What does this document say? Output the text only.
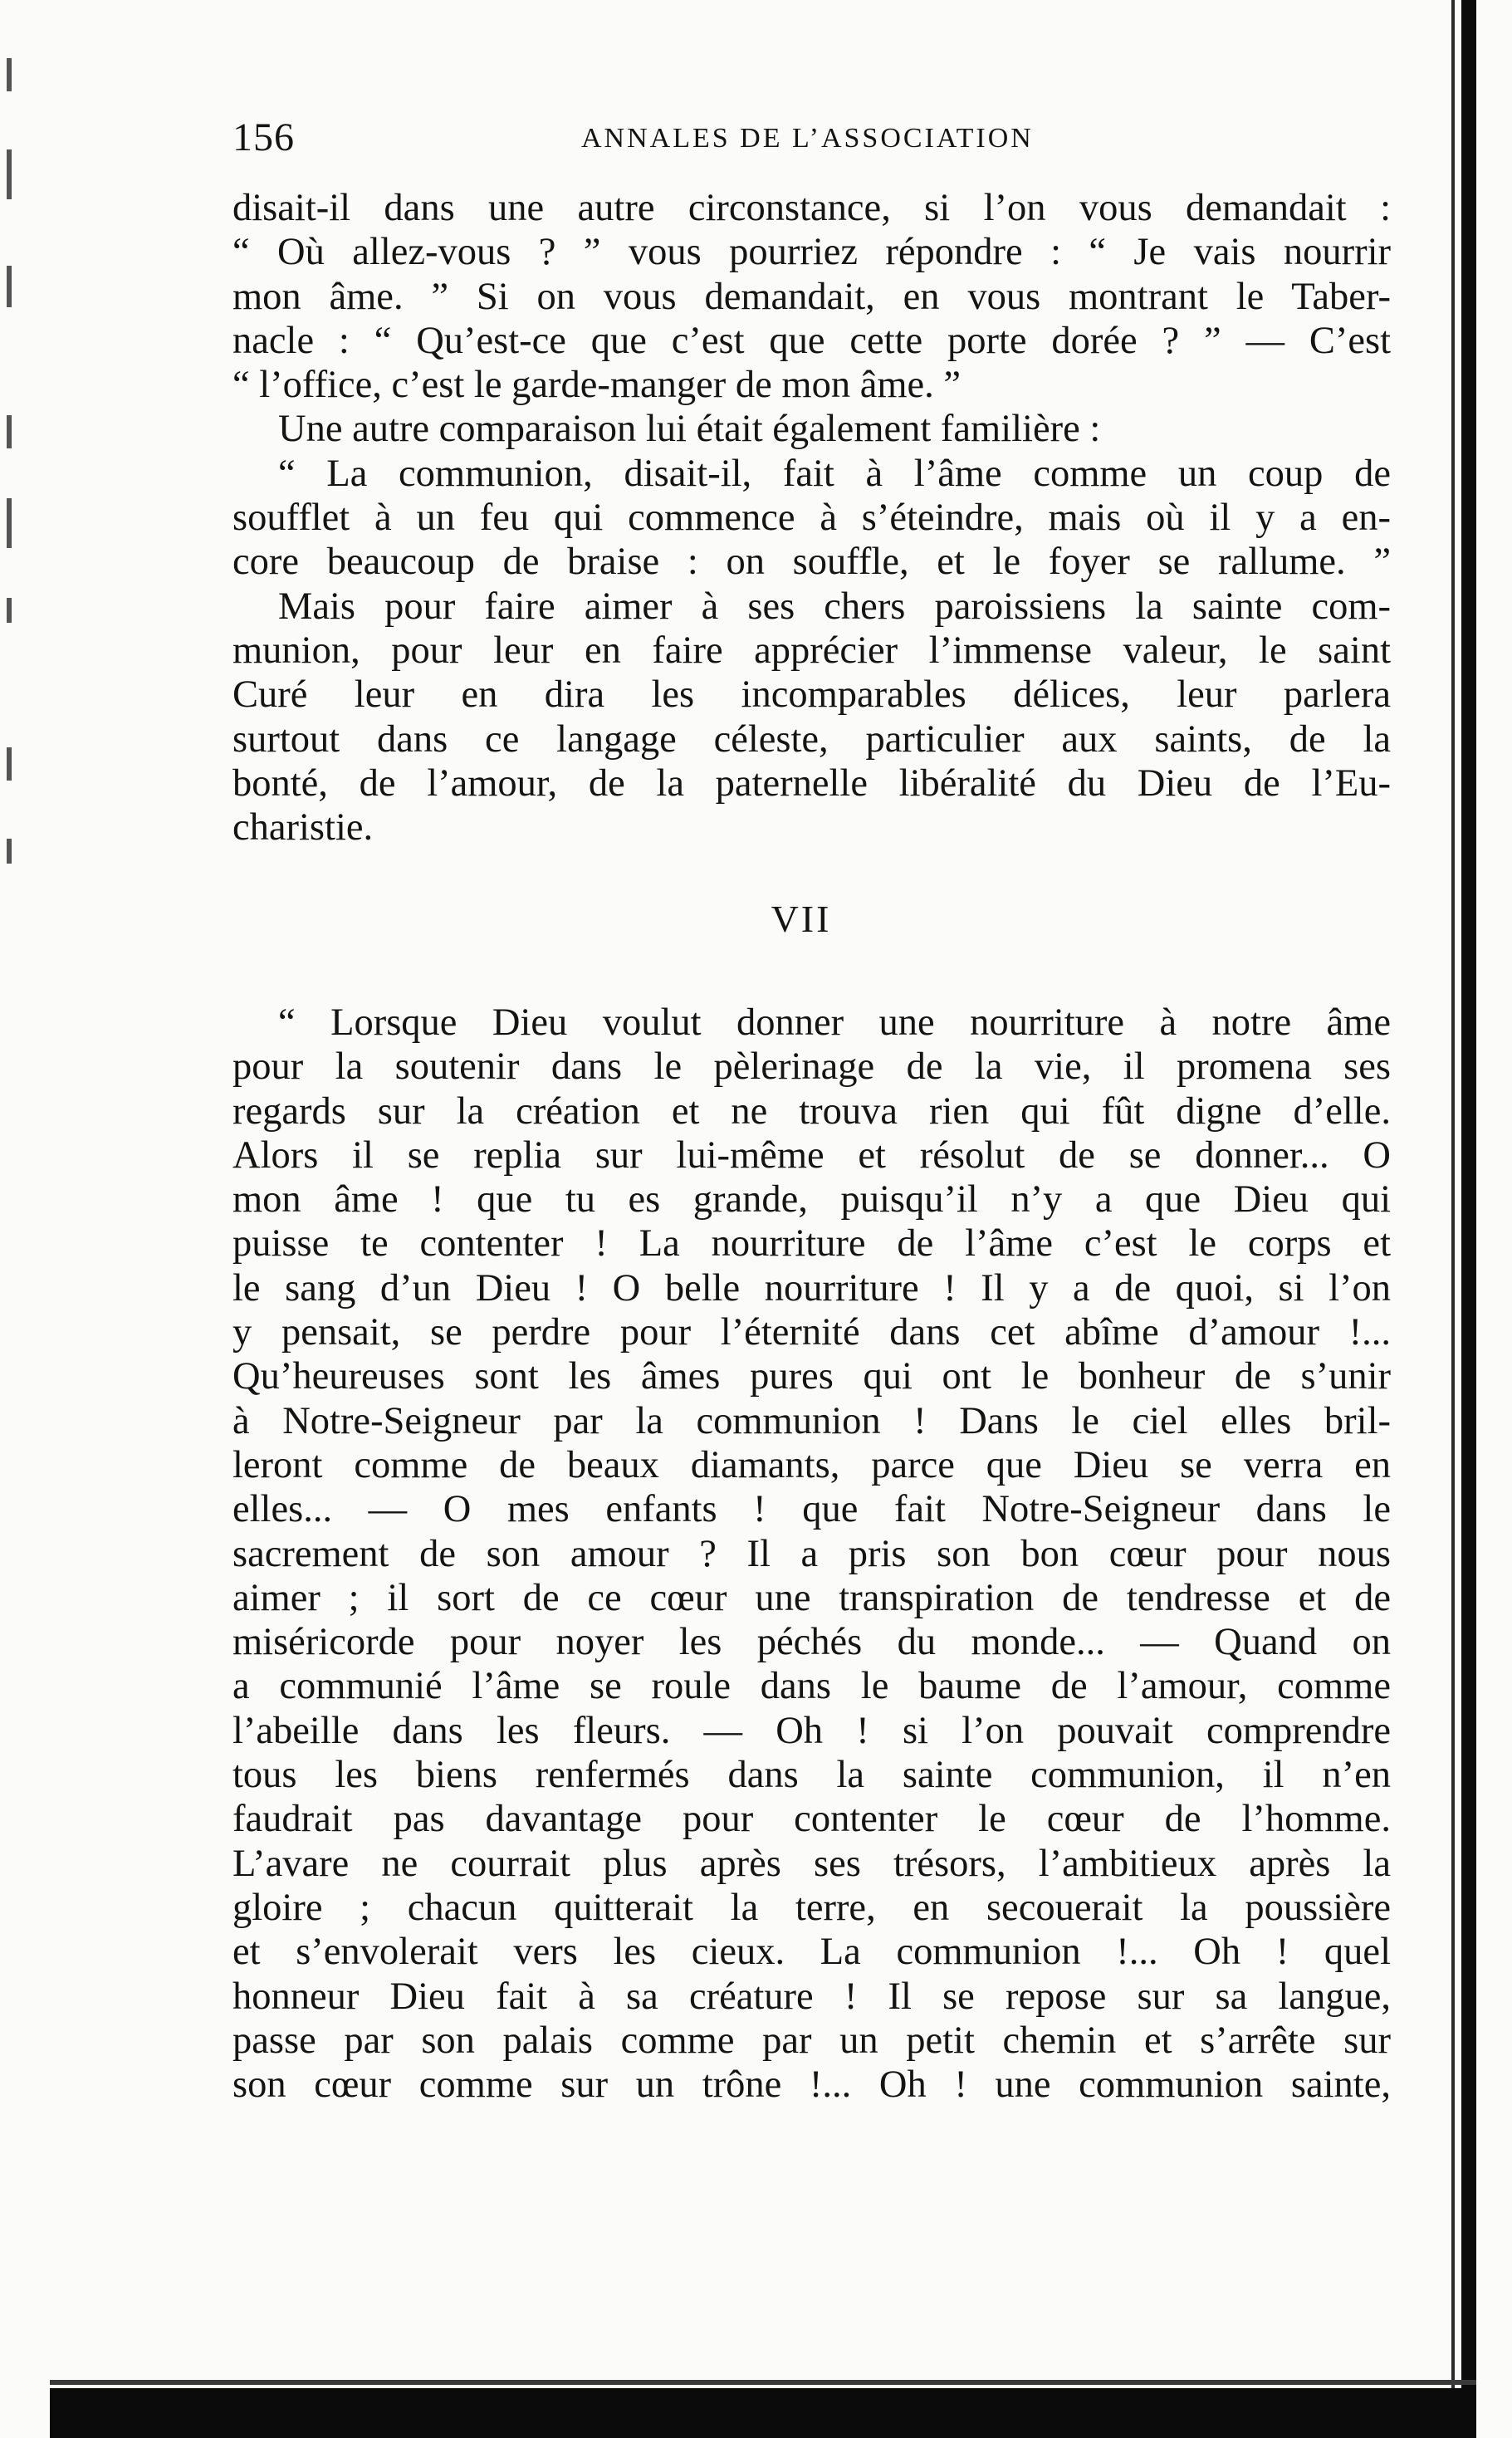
156	ANNALES DE L’ASSOCIATION
disait-il dans une autre circonstance, si l’on vous demandait :
“ Où allez-vous ? ” vous pourriez répondre : “ Je vais nourrir
mon âme. ” Si on vous demandait, en vous montrant le Taber-
nacle : “ Qu’est-ce que c’est que cette porte dorée ? ” — C’est
“ l’office, c’est le garde-manger de mon âme. ”
Une autre comparaison lui était également familière :
“ La communion, disait-il, fait à l’âme comme un coup de
soufflet à un feu qui commence à s’éteindre, mais où il y a en-
core beaucoup de braise : on souffle, et le foyer se rallume. ”
Mais pour faire aimer à ses chers paroissiens la sainte com-
munion, pour leur en faire apprécier l’immense valeur, le saint
Curé leur en dira les incomparables délices, leur parlera
surtout dans ce langage céleste, particulier aux saints, de la
bonté, de l’amour, de la paternelle libéralité du Dieu de l’Eu-
charistie.
VII
“ Lorsque Dieu voulut donner une nourriture à notre âme
pour la soutenir dans le pèlerinage de la vie, il promena ses
regards sur la création et ne trouva rien qui fût digne d’elle.
Alors il se replia sur lui-même et résolut de se donner... O
mon âme ! que tu es grande, puisqu’il n’y a que Dieu qui
puisse te contenter ! La nourriture de l’âme c’est le corps et
le sang d’un Dieu ! O belle nourriture ! Il y a de quoi, si l’on
y pensait, se perdre pour l’éternité dans cet abîme d’amour !...
Qu’heureuses sont les âmes pures qui ont le bonheur de s’unir
à Notre-Seigneur par la communion ! Dans le ciel elles bril-
leront comme de beaux diamants, parce que Dieu se verra en
elles... — O mes enfants ! que fait Notre-Seigneur dans le
sacrement de son amour ? Il a pris son bon cœur pour nous
aimer ; il sort de ce cœur une transpiration de tendresse et de
miséricorde pour noyer les péchés du monde... — Quand on
a communié l’âme se roule dans le baume de l’amour, comme
l’abeille dans les fleurs. — Oh ! si l’on pouvait comprendre
tous les biens renfermés dans la sainte communion, il n’en
faudrait pas davantage pour contenter le cœur de l’homme.
L’avare ne courrait plus après ses trésors, l’ambitieux après la
gloire ; chacun quitterait la terre, en secouerait la poussière
et s’envolerait vers les cieux. La communion !... Oh ! quel
honneur Dieu fait à sa créature ! Il se repose sur sa langue,
passe par son palais comme par un petit chemin et s’arrête sur
son cœur comme sur un trône !... Oh ! une communion sainte,
